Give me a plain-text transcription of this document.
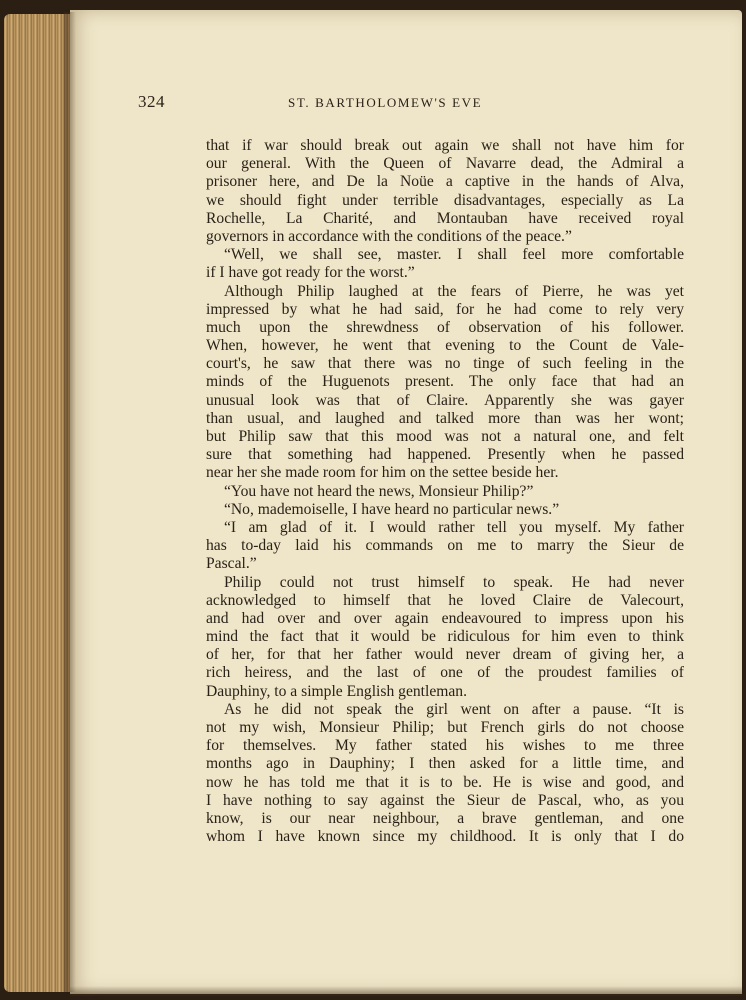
324	ST. BARTHOLOMEW'S EVE
that if war should break out again we shall not have him for
our general. With the Queen of Navarre dead, the Admiral a
prisoner here, and De la Noüe a captive in the hands of Alva,
we should fight under terrible disadvantages, especially as La
Rochelle, La Charité, and Montauban have received royal
governors in accordance with the conditions of the peace.”
“Well, we shall see, master. I shall feel more comfortable
if I have got ready for the worst.”
Although Philip laughed at the fears of Pierre, he was yet
impressed by what he had said, for he had come to rely very
much upon the shrewdness of observation of his follower.
When, however, he went that evening to the Count de Vale-
court's, he saw that there was no tinge of such feeling in the
minds of the Huguenots present. The only face that had an
unusual look was that of Claire. Apparently she was gayer
than usual, and laughed and talked more than was her wont;
but Philip saw that this mood was not a natural one, and felt
sure that something had happened. Presently when he passed
near her she made room for him on the settee beside her.
“You have not heard the news, Monsieur Philip?”
“No, mademoiselle, I have heard no particular news.”
“I am glad of it. I would rather tell you myself. My father
has to-day laid his commands on me to marry the Sieur de
Pascal.”
Philip could not trust himself to speak. He had never
acknowledged to himself that he loved Claire de Valecourt,
and had over and over again endeavoured to impress upon his
mind the fact that it would be ridiculous for him even to think
of her, for that her father would never dream of giving her, a
rich heiress, and the last of one of the proudest families of
Dauphiny, to a simple English gentleman.
As he did not speak the girl went on after a pause. “It is
not my wish, Monsieur Philip; but French girls do not choose
for themselves. My father stated his wishes to me three
months ago in Dauphiny; I then asked for a little time, and
now he has told me that it is to be. He is wise and good, and
I have nothing to say against the Sieur de Pascal, who, as you
know, is our near neighbour, a brave gentleman, and one
whom I have known since my childhood. It is only that I do
